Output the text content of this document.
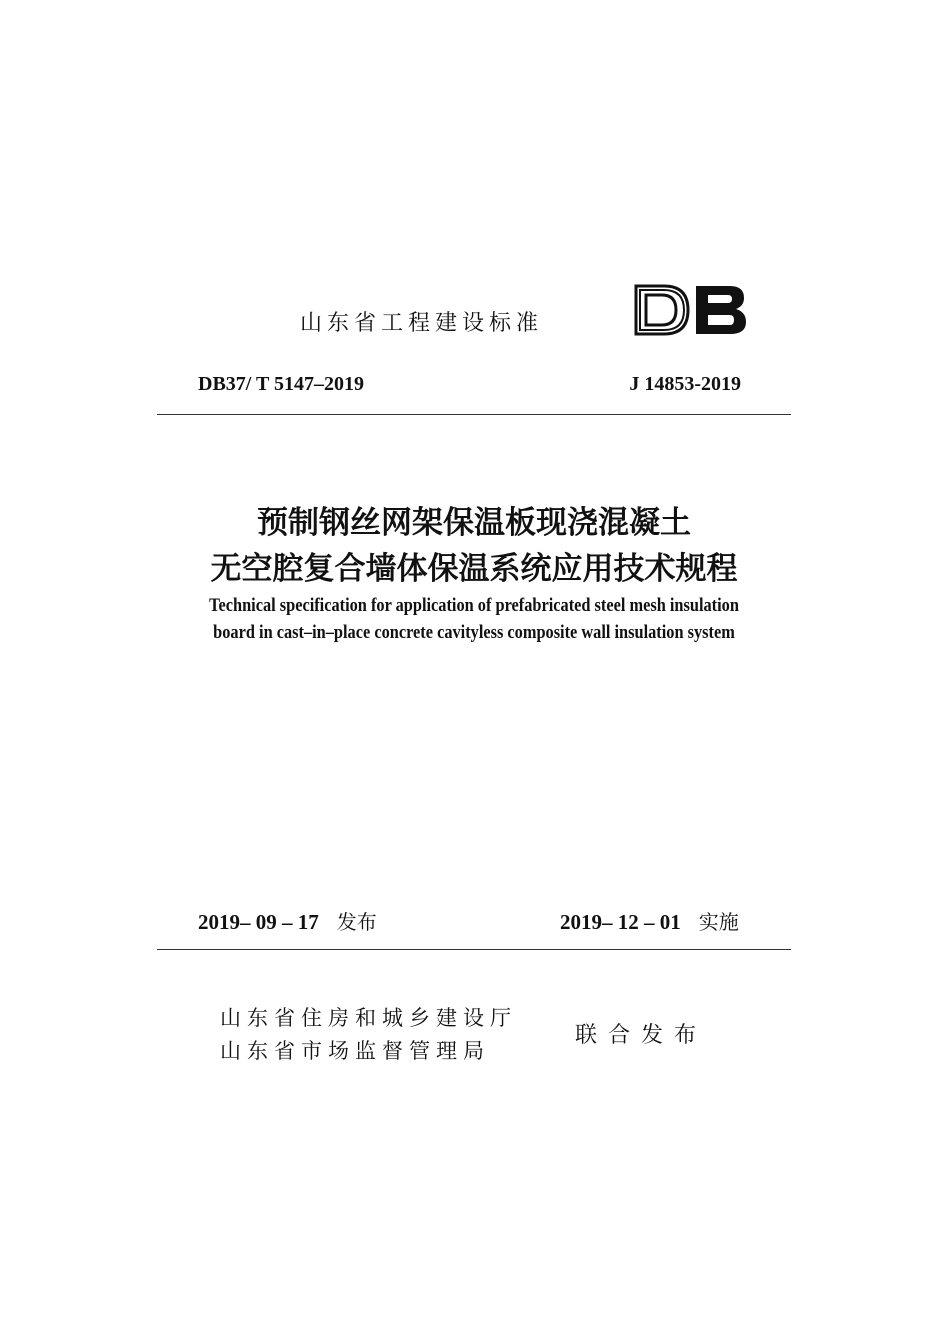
山东省工程建设标准
DB37/ T 5147–2019	J 14853-2019
预制钢丝网架保温板现浇混凝土
无空腔复合墙体保温系统应用技术规程
Technical specification for application of prefabricated steel mesh insulation
board in cast–in–place concrete cavityless composite wall insulation system
2019– 09 – 17 发布	2019– 12 – 01 实施
山东省住房和城乡建设厅
山东省市场监督管理局
联合发布
